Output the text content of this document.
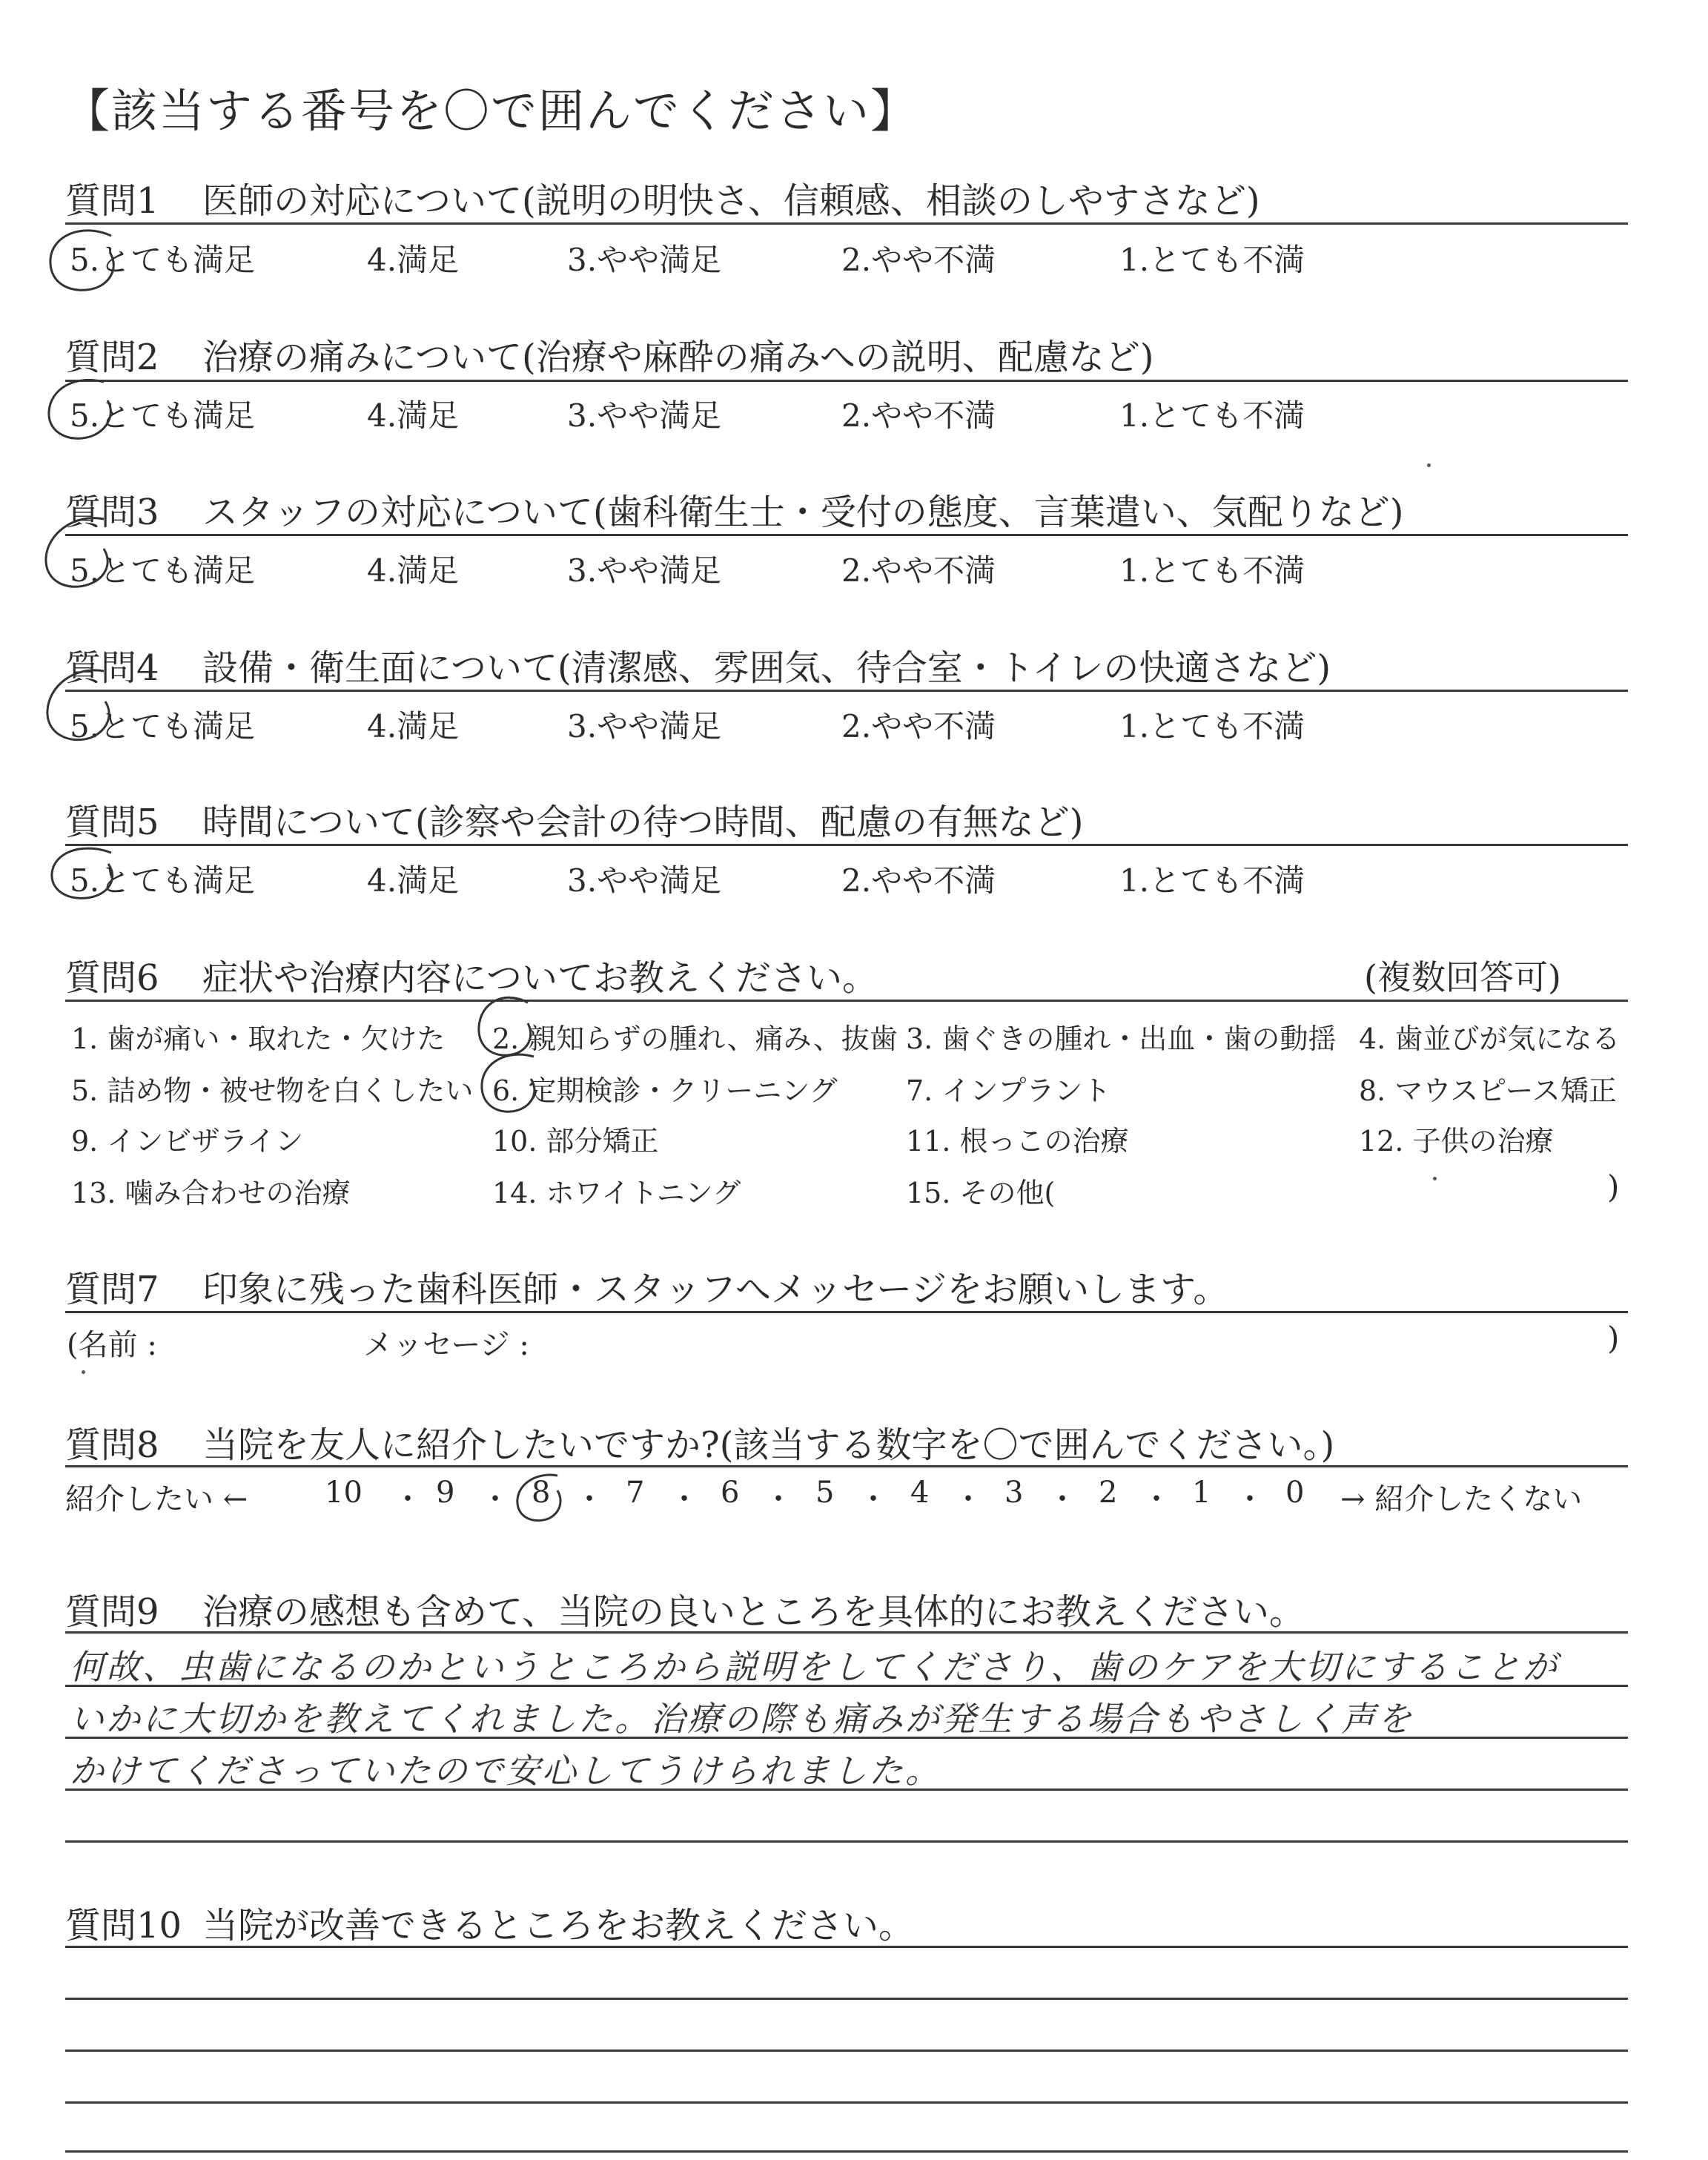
【該当する番号を〇で囲んでください】
質問1 医師の対応について(説明の明快さ、信頼感、相談のしやすさなど)
5.とても満足	4.満足	3.やや満足	2.やや不満	1.とても不満
質問2 治療の痛みについて(治療や麻酔の痛みへの説明、配慮など)
5.とても満足	4.満足	3.やや満足	2.やや不満	1.とても不満
質問3 スタッフの対応について(歯科衛生士・受付の態度、言葉遣い、気配りなど)
5.とても満足	4.満足	3.やや満足	2.やや不満	1.とても不満
質問4 設備・衛生面について(清潔感、雰囲気、待合室・トイレの快適さなど)
5.とても満足	4.満足	3.やや満足	2.やや不満	1.とても不満
質問5 時間について(診察や会計の待つ時間、配慮の有無など)
5.とても満足	4.満足	3.やや満足	2.やや不満	1.とても不満
質問6 症状や治療内容についてお教えください。	(複数回答可)
1. 歯が痛い・取れた・欠けた 2. 親知らずの腫れ、痛み、抜歯 3. 歯ぐきの腫れ・出血・歯の動揺 4. 歯並びが気になる
5. 詰め物・被せ物を白くしたい 6. 定期検診・クリーニング 7. インプラント	8. マウスピース矯正
9. インビザライン	10. 部分矯正	11. 根っこの治療	12. 子供の治療
13. 噛み合わせの治療	14. ホワイトニング	15. その他(	)
質問7 印象に残った歯科医師・スタッフへメッセージをお願いします。
(名前 :	メッセージ :	)
質問8 当院を友人に紹介したいですか?(該当する数字を〇で囲んでください。)
紹介したい ←	10 ・ 9 ・ 8 ・ 7 ・ 6 ・ 5 ・ 4 ・ 3 ・ 2 ・ 1 ・ 0 → 紹介したくない
質問9 治療の感想も含めて、当院の良いところを具体的にお教えください。
何故、虫歯になるのかというところから説明をしてくださり、歯のケアを大切にすることが
いかに大切かを教えてくれました。治療の際も痛みが発生する場合もやさしく声を
かけてくださっていたので安心してうけられました。
質問10 当院が改善できるところをお教えください。
